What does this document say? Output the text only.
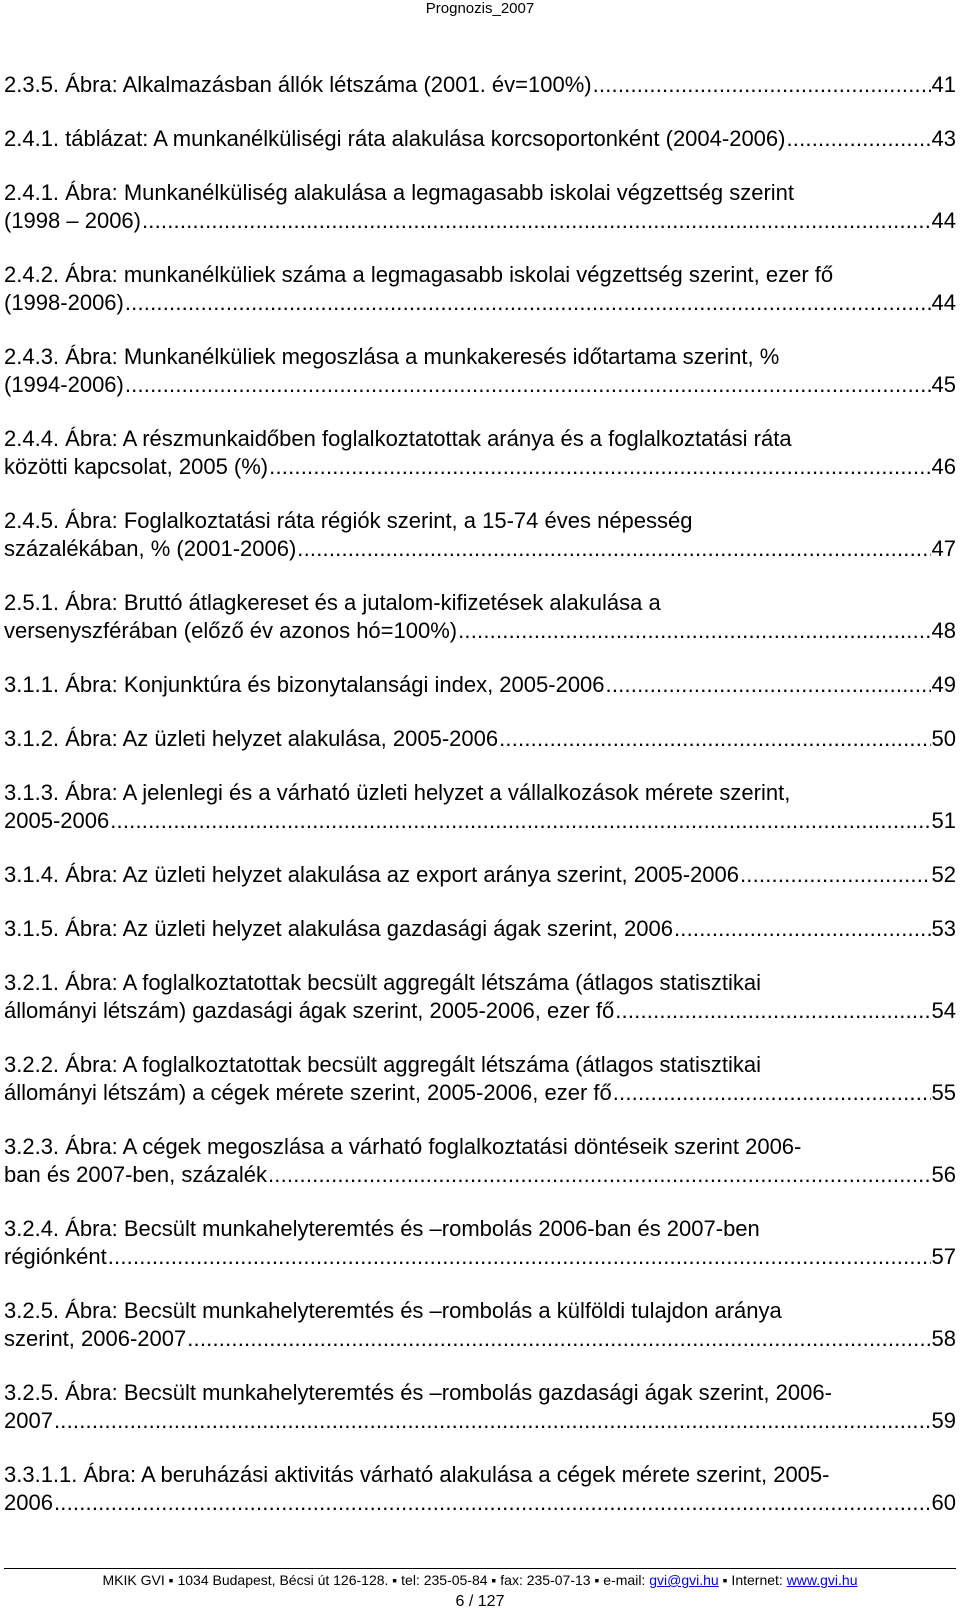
Prognozis_2007
2.3.5. Ábra: Alkalmazásban állók létszáma (2001. év=100%) .....	41
2.4.1. táblázat: A munkanélküliségi ráta alakulása korcsoportonként (2004-2006) .....	43
2.4.1. Ábra: Munkanélküliség alakulása a legmagasabb iskolai végzettség szerint
(1998 – 2006) .....	44
2.4.2. Ábra: munkanélküliek száma a legmagasabb iskolai végzettség szerint, ezer fő
(1998-2006) .....	44
2.4.3. Ábra: Munkanélküliek megoszlása a munkakeresés időtartama szerint, %
(1994-2006) .....	45
2.4.4. Ábra: A részmunkaidőben foglalkoztatottak aránya és a foglalkoztatási ráta
közötti kapcsolat, 2005 (%) .....	46
2.4.5. Ábra: Foglalkoztatási ráta régiók szerint, a 15-74 éves népesség
százalékában, % (2001-2006) .....	47
2.5.1. Ábra: Bruttó átlagkereset és a jutalom-kifizetések alakulása a
versenyszférában (előző év azonos hó=100%) .....	48
3.1.1. Ábra: Konjunktúra és bizonytalansági index, 2005-2006 .....	49
3.1.2. Ábra: Az üzleti helyzet alakulása, 2005-2006 .....	50
3.1.3. Ábra: A jelenlegi és a várható üzleti helyzet a vállalkozások mérete szerint,
2005-2006 .....	51
3.1.4. Ábra: Az üzleti helyzet alakulása az export aránya szerint, 2005-2006 .....	52
3.1.5. Ábra: Az üzleti helyzet alakulása gazdasági ágak szerint, 2006 .....	53
3.2.1. Ábra: A foglalkoztatottak becsült aggregált létszáma (átlagos statisztikai
állományi létszám) gazdasági ágak szerint, 2005-2006, ezer fő .....	54
3.2.2. Ábra: A foglalkoztatottak becsült aggregált létszáma (átlagos statisztikai
állományi létszám) a cégek mérete szerint, 2005-2006, ezer fő .....	55
3.2.3. Ábra: A cégek megoszlása a várható foglalkoztatási döntéseik szerint 2006-
ban és 2007-ben, százalék .....	56
3.2.4. Ábra: Becsült munkahelyteremtés és –rombolás 2006-ban és 2007-ben
régiónként .....	57
3.2.5. Ábra: Becsült munkahelyteremtés és –rombolás a külföldi tulajdon aránya
szerint, 2006-2007 .....	58
3.2.5. Ábra: Becsült munkahelyteremtés és –rombolás gazdasági ágak szerint, 2006-
2007 .....	59
3.3.1.1. Ábra: A beruházási aktivitás várható alakulása a cégek mérete szerint, 2005-
2006 .....	60
MKIK GVI ▪ 1034 Budapest, Bécsi út 126-128. ▪ tel: 235-05-84 ▪ fax: 235-07-13 ▪ e-mail: gvi@gvi.hu ▪ Internet: www.gvi.hu
6 / 127
